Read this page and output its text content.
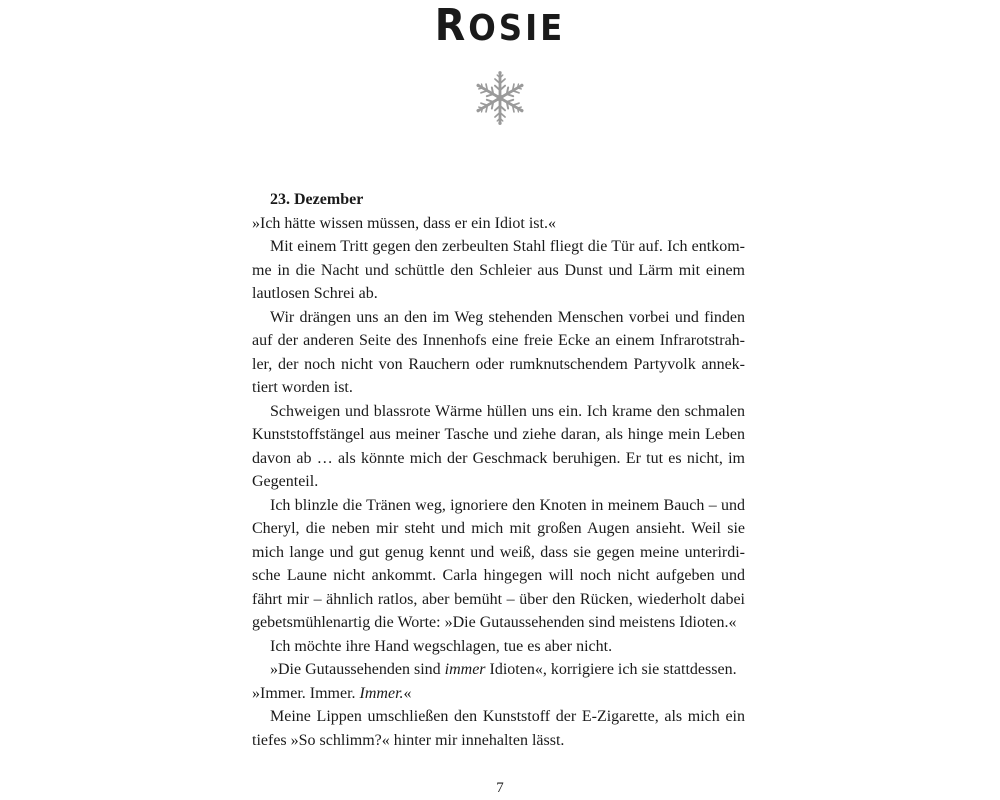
ROSIE

23. Dezember

»Ich hätte wissen müssen, dass er ein Idiot ist.«

Mit einem Tritt gegen den zerbeulten Stahl fliegt die Tür auf. Ich entkomme in die Nacht und schüttle den Schleier aus Dunst und Lärm mit einem lautlosen Schrei ab.

Wir drängen uns an den im Weg stehenden Menschen vorbei und finden auf der anderen Seite des Innenhofs eine freie Ecke an einem Infrarotstrahler, der noch nicht von Rauchern oder rumknutschendem Partyvolk annektiert worden ist.

Schweigen und blassrote Wärme hüllen uns ein. Ich krame den schmalen Kunststoffstängel aus meiner Tasche und ziehe daran, als hinge mein Leben davon ab … als könnte mich der Geschmack beruhigen. Er tut es nicht, im Gegenteil.

Ich blinzle die Tränen weg, ignoriere den Knoten in meinem Bauch – und Cheryl, die neben mir steht und mich mit großen Augen ansieht. Weil sie mich lange und gut genug kennt und weiß, dass sie gegen meine unterirdische Laune nicht ankommt. Carla hingegen will noch nicht aufgeben und fährt mir – ähnlich ratlos, aber bemüht – über den Rücken, wiederholt dabei gebetsmühlenartig die Worte: »Die Gutaussehenden sind meistens Idioten.«

Ich möchte ihre Hand wegschlagen, tue es aber nicht.

»Die Gutaussehenden sind immer Idioten«, korrigiere ich sie stattdessen.

»Immer. Immer. Immer.«

Meine Lippen umschließen den Kunststoff der E-Zigarette, als mich ein tiefes »So schlimm?« hinter mir innehalten lässt.

7
